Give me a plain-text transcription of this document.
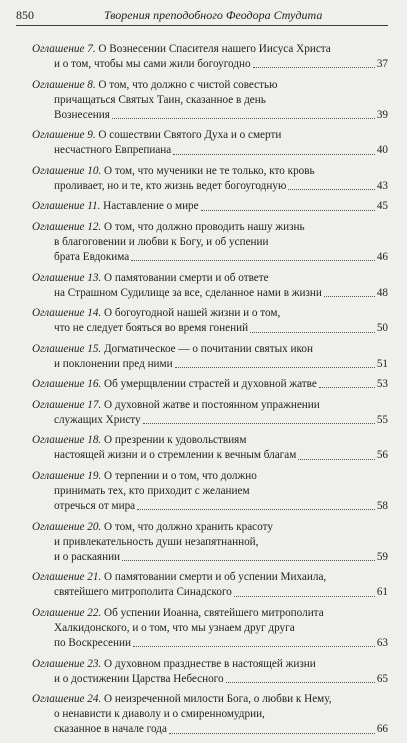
850	Творения преподобного Феодора Студита
Оглашение 7. О Вознесении Спасителя нашего Иисуса Христа
и о том, чтобы мы сами жили богоугодно	37
Оглашение 8. О том, что должно с чистой совестью
причащаться Святых Таин, сказанное в день
Вознесения	39
Оглашение 9. О сошествии Святого Духа и о смерти
несчастного Евпрепиана	40
Оглашение 10. О том, что мученики не те только, кто кровь
проливает, но и те, кто жизнь ведет богоугодную	43
Оглашение 11. Наставление о мире	45
Оглашение 12. О том, что должно проводить нашу жизнь
в благоговении и любви к Богу, и об успении
брата Евдокима	46
Оглашение 13. О памятовании смерти и об ответе
на Страшном Судилище за все, сделанное нами в жизни	48
Оглашение 14. О богоугодной нашей жизни и о том,
что не следует бояться во время гонений	50
Оглашение 15. Догматическое — о почитании святых икон
и поклонении пред ними	51
Оглашение 16. Об умерщвлении страстей и духовной жатве	53
Оглашение 17. О духовной жатве и постоянном упражнении
служащих Христу	55
Оглашение 18. О презрении к удовольствиям
настоящей жизни и о стремлении к вечным благам	56
Оглашение 19. О терпении и о том, что должно
принимать тех, кто приходит с желанием
отречься от мира	58
Оглашение 20. О том, что должно хранить красоту
и привлекательность души незапятнанной,
и о раскаянии	59
Оглашение 21. О памятовании смерти и об успении Михаила,
святейшего митрополита Синадского	61
Оглашение 22. Об успении Иоанна, святейшего митрополита
Халкидонского, и о том, что мы узнаем друг друга
по Воскресении	63
Оглашение 23. О духовном празднестве в настоящей жизни
и о достижении Царства Небесного	65
Оглашение 24. О неизреченной милости Бога, о любви к Нему,
о ненависти к диаволу и о смиренномудрии,
сказанное в начале года	66
